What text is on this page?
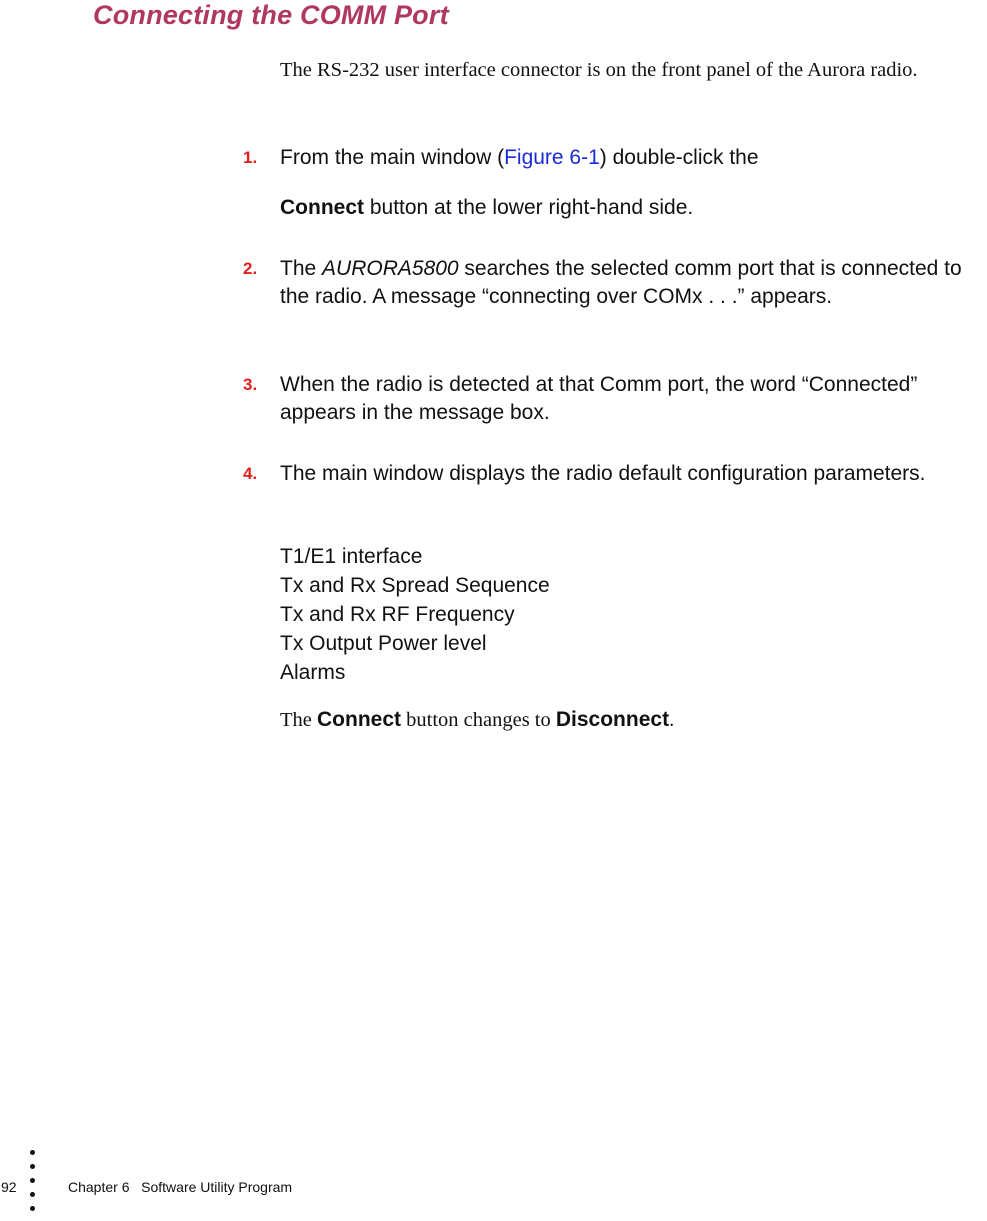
Connecting the COMM Port
The RS-232 user interface connector is on the front panel of the Aurora radio.
1. From the main window (Figure 6-1) double-click the
Connect button at the lower right-hand side.
2. The AURORA5800 searches the selected comm port that is connected to the radio. A message “connecting over COMx . . .” appears.
3. When the radio is detected at that Comm port, the word “Connected” appears in the message box.
4. The main window displays the radio default configuration parameters.
T1/E1 interface
Tx and Rx Spread Sequence
Tx and Rx RF Frequency
Tx Output Power level
Alarms
The Connect button changes to Disconnect.
92	Chapter 6   Software Utility Program
